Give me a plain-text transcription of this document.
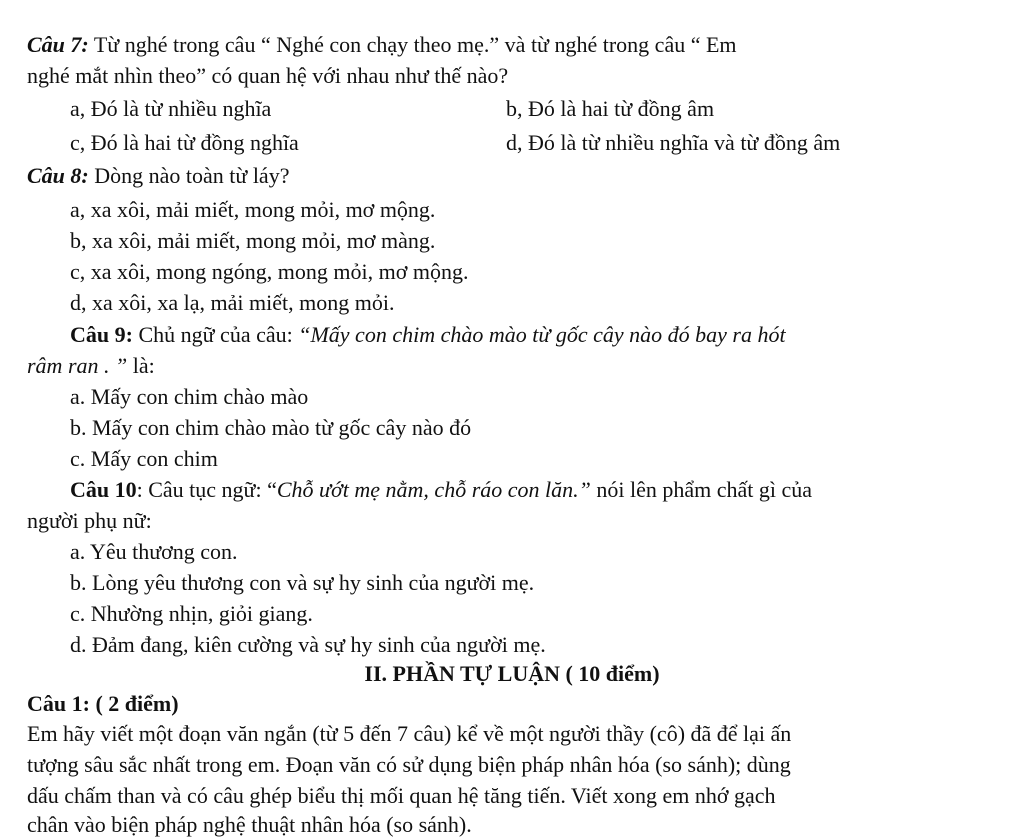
Câu 7: Từ nghé trong câu “ Nghé con chạy theo mẹ.” và từ nghé trong câu “ Em
nghé mắt nhìn theo” có quan hệ với nhau như thế nào?
a, Đó là từ nhiều nghĩa	b, Đó là hai từ đồng âm
c, Đó là hai từ đồng nghĩa	d, Đó là từ nhiều nghĩa và từ đồng âm
Câu 8: Dòng nào toàn từ láy?
a, xa xôi, mải miết, mong mỏi, mơ mộng.
b, xa xôi, mải miết, mong mỏi, mơ màng.
c, xa xôi, mong ngóng, mong mỏi, mơ mộng.
d, xa xôi, xa lạ, mải miết, mong mỏi.
Câu 9: Chủ ngữ của câu: “Mấy con chim chào mào từ gốc cây nào đó bay ra hót
râm ran . ” là:
a. Mấy con chim chào mào
b. Mấy con chim chào mào từ gốc cây nào đó
c. Mấy con chim
Câu 10: Câu tục ngữ: “Chỗ ướt mẹ nằm, chỗ ráo con lăn.” nói lên phẩm chất gì của
người phụ nữ:
a. Yêu thương con.
b. Lòng yêu thương con và sự hy sinh của người mẹ.
c. Nhường nhịn, giỏi giang.
d. Đảm đang, kiên cường và sự hy sinh của người mẹ.
II. PHẦN TỰ LUẬN ( 10 điểm)
Câu 1: ( 2 điểm)
Em hãy viết một đoạn văn ngắn (từ 5 đến 7 câu) kể về một người thầy (cô) đã để lại ấn
tượng sâu sắc nhất trong em. Đoạn văn có sử dụng biện pháp nhân hóa (so sánh); dùng
dấu chấm than và có câu ghép biểu thị mối quan hệ tăng tiến. Viết xong em nhớ gạch
chân vào biện pháp nghệ thuật nhân hóa (so sánh).
